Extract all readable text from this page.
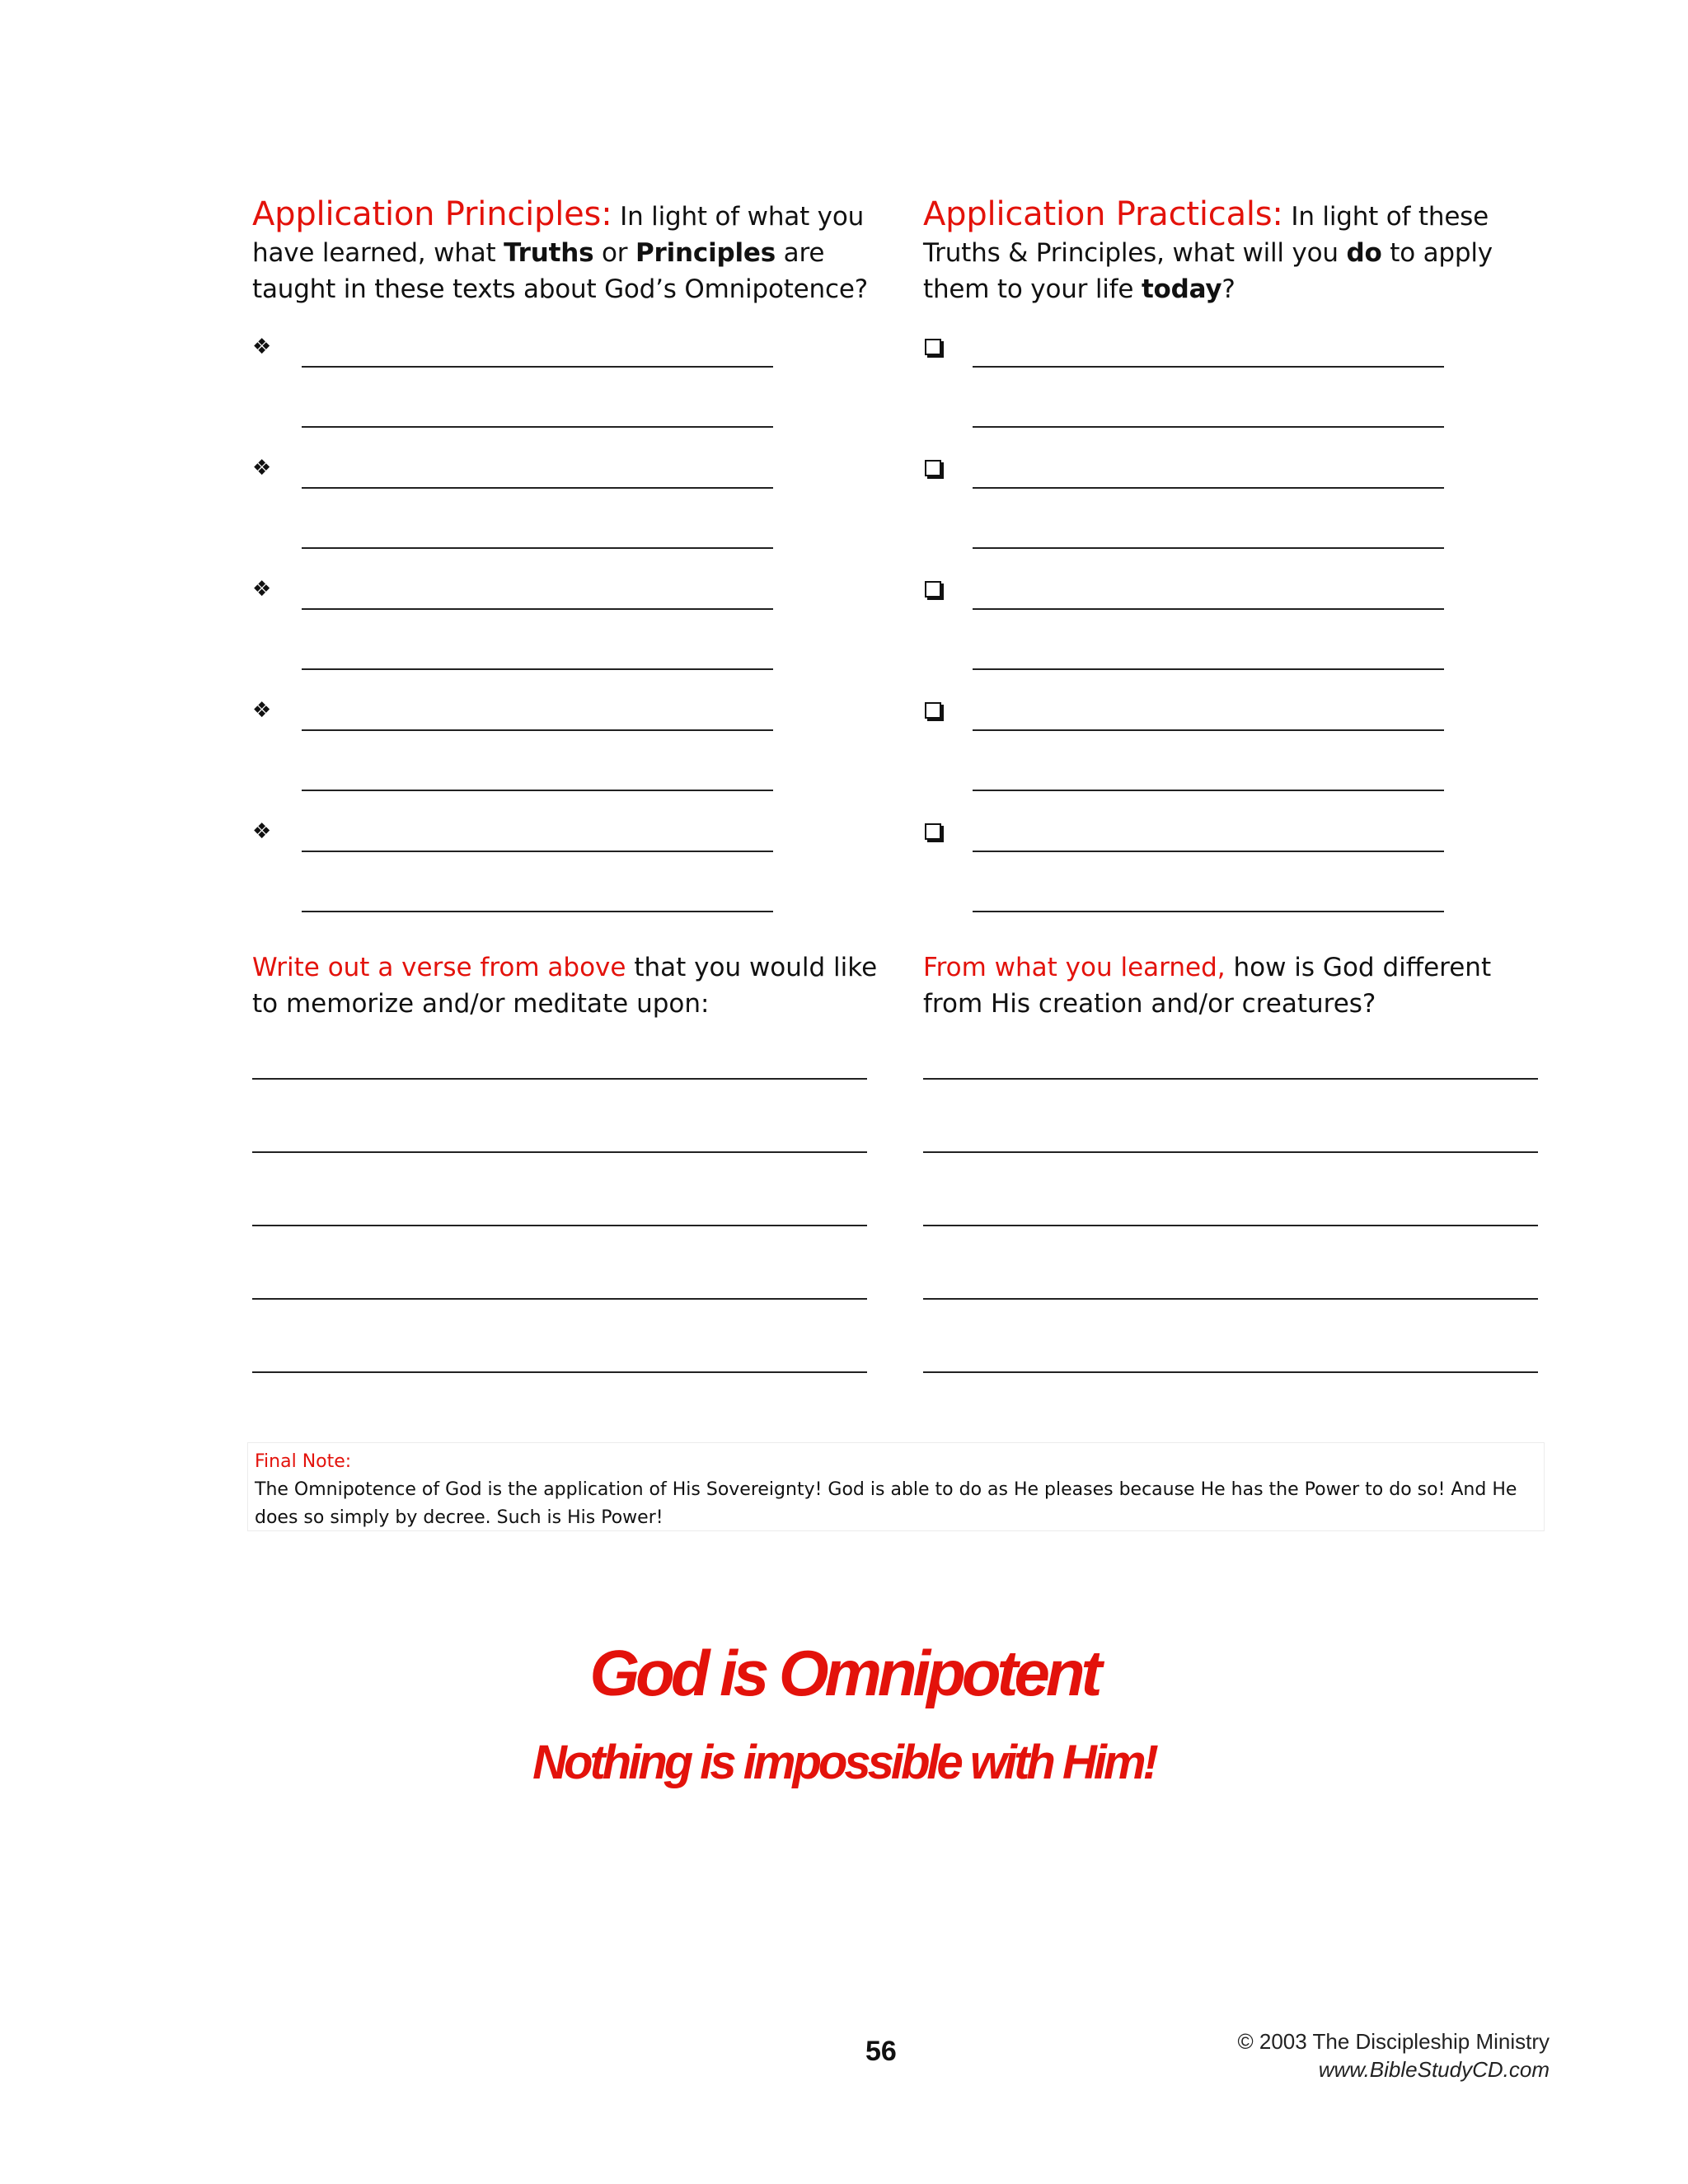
Application Principles: In light of what you have learned, what Truths or Principles are taught in these texts about God’s Omnipotence?
Application Practicals: In light of these Truths & Principles, what will you do to apply them to your life today?
❖
❖
❖
❖
❖
Write out a verse from above that you would like to memorize and/or meditate upon:
From what you learned, how is God different from His creation and/or creatures?
Final Note:
The Omnipotence of God is the application of His Sovereignty! God is able to do as He pleases because He has the Power to do so! And He does so simply by decree. Such is His Power!
God is Omnipotent
Nothing is impossible with Him!
56	© 2003 The Discipleship Ministry
www.BibleStudyCD.com
